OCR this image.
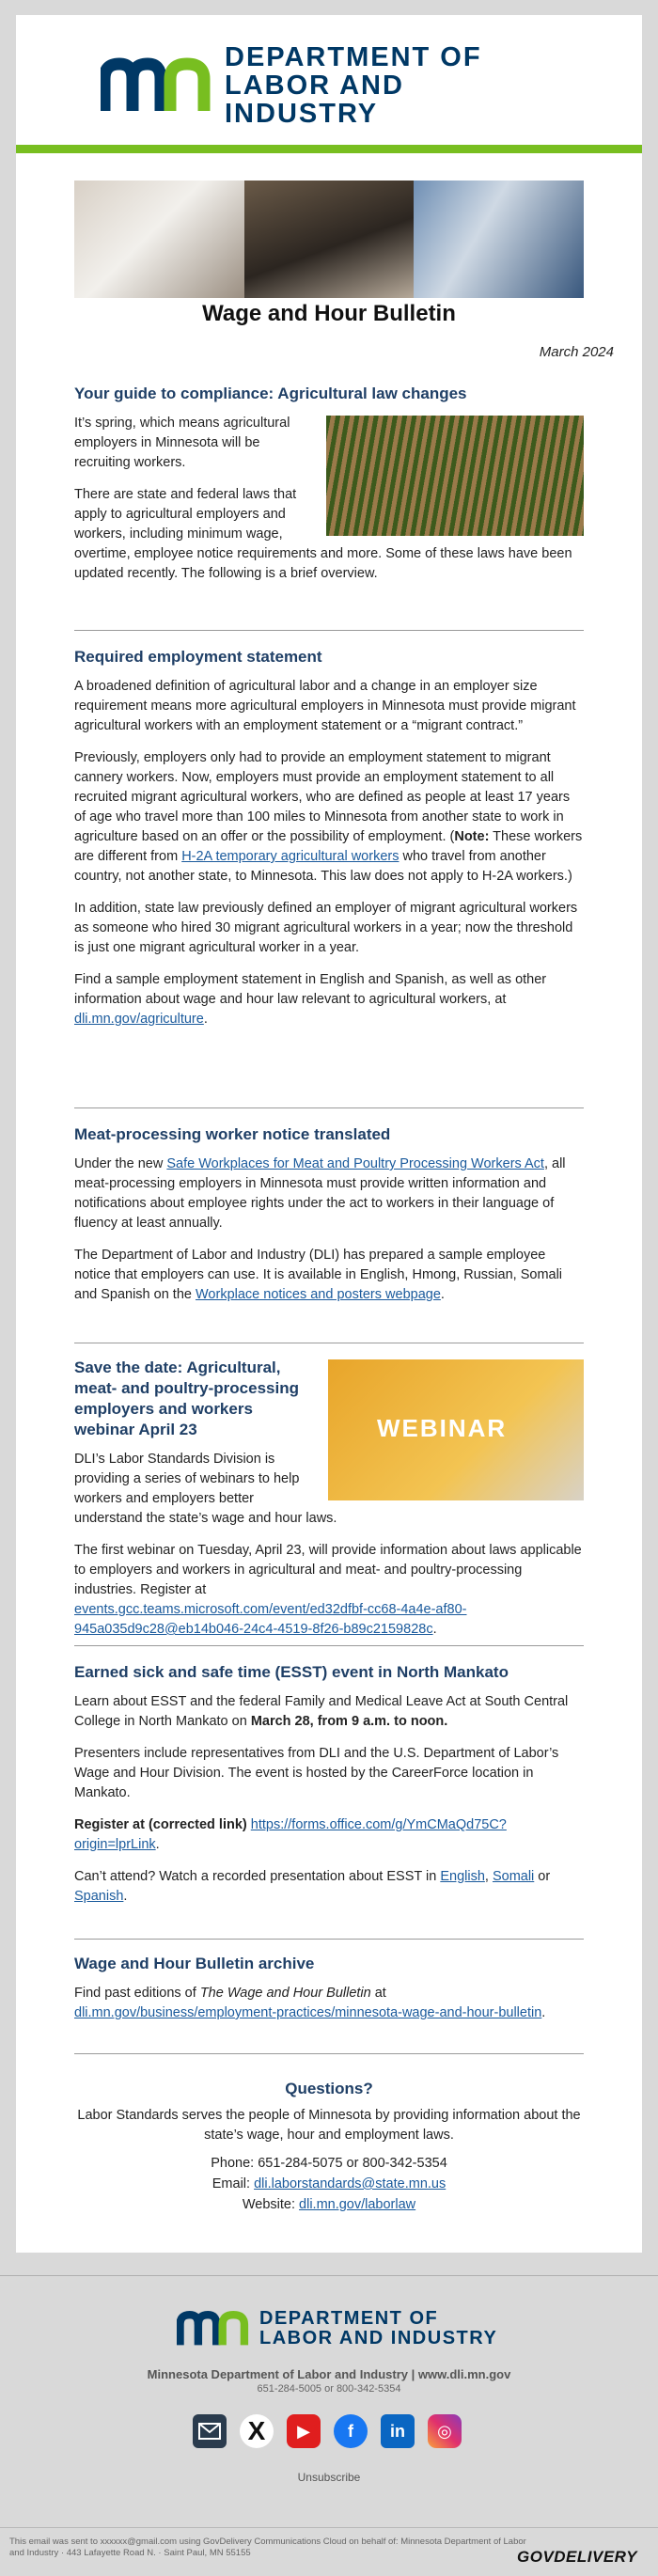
DEPARTMENT OF
LABOR AND INDUSTRY
Wage and Hour Bulletin
March 2024
Your guide to compliance: Agricultural law changes

It’s spring, which means agricultural employers in Minnesota will be recruiting workers.

There are state and federal laws that apply to agricultural employers and workers, including minimum wage, overtime, employee notice requirements and more. Some of these laws have been updated recently. The following is a brief overview.

Required employment statement

A broadened definition of agricultural labor and a change in an employer size requirement means more agricultural employers in Minnesota must provide migrant agricultural workers with an employment statement or a “migrant contract.”

Previously, employers only had to provide an employment statement to migrant cannery workers. Now, employers must provide an employment statement to all recruited migrant agricultural workers, who are defined as people at least 17 years of age who travel more than 100 miles to Minnesota from another state to work in agriculture based on an offer or the possibility of employment. (Note: These workers are different from H-2A temporary agricultural workers who travel from another country, not another state, to Minnesota. This law does not apply to H-2A workers.)

In addition, state law previously defined an employer of migrant agricultural workers as someone who hired 30 migrant agricultural workers in a year; now the threshold is just one migrant agricultural worker in a year.

Find a sample employment statement in English and Spanish, as well as other information about wage and hour law relevant to agricultural workers, at
dli.mn.gov/agriculture.

Meat-processing worker notice translated

Under the new Safe Workplaces for Meat and Poultry Processing Workers Act, all meat-processing employers in Minnesota must provide written information and notifications about employee rights under the act to workers in their language of fluency at least annually.

The Department of Labor and Industry (DLI) has prepared a sample employee notice that employers can use. It is available in English, Hmong, Russian, Somali and Spanish on the Workplace notices and posters webpage.

WEBINAR
Save the date: Agricultural, meat- and poultry-processing employers and workers webinar April 23

DLI’s Labor Standards Division is providing a series of webinars to help workers and employers better understand the state’s wage and hour laws.

The first webinar on Tuesday, April 23, will provide information about laws applicable to employers and workers in agricultural and meat- and poultry-processing industries. Register at
events.gcc.teams.microsoft.com/event/ed32dfbf-cc68-4a4e-af80-945a035d9c28@eb14b046-24c4-4519-8f26-b89c2159828c.

Earned sick and safe time (ESST) event in North Mankato

Learn about ESST and the federal Family and Medical Leave Act at South Central College in North Mankato on March 28, from 9 a.m. to noon.

Presenters include representatives from DLI and the U.S. Department of Labor’s Wage and Hour Division. The event is hosted by the CareerForce location in Mankato.

Register at (corrected link) https://forms.office.com/g/YmCMaQd75C?origin=lprLink.

Can’t attend? Watch a recorded presentation about ESST in English, Somali or Spanish.

Wage and Hour Bulletin archive

Find past editions of The Wage and Hour Bulletin at
dli.mn.gov/business/employment-practices/minnesota-wage-and-hour-bulletin.

Questions?

Labor Standards serves the people of Minnesota by providing information about the state’s wage, hour and employment laws.

Phone: 651-284-5075 or 800-342-5354
Email: dli.laborstandards@state.mn.us
Website: dli.mn.gov/laborlaw
DEPARTMENT OF
LABOR AND INDUSTRY
Minnesota Department of Labor and Industry | www.dli.mn.gov
651-284-5005 or 800-342-5354
X	▶	f	in	◎
Unsubscribe
This email was sent to xxxxxx@gmail.com using GovDelivery Communications Cloud on behalf of: Minnesota Department of Labor and Industry · 443 Lafayette Road N. · Saint Paul, MN 55155	GOVDELIVERY
